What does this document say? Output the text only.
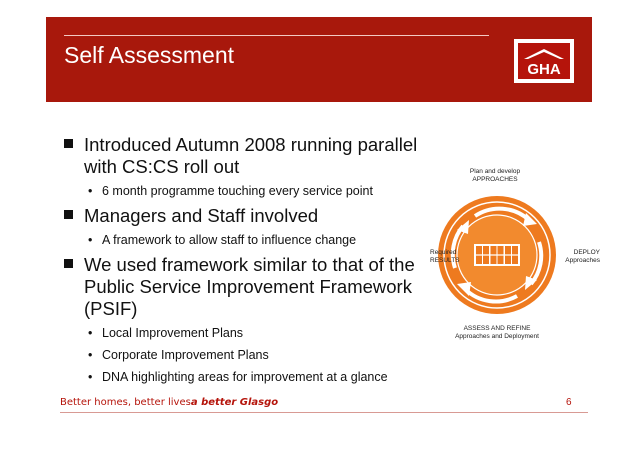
Self Assessment
GHA
Introduced Autumn 2008 running parallel with CS:CS roll out
• 6 month programme touching every service point
Managers and Staff involved
• A framework to allow staff to influence change
We used framework similar to that of the Public Service Improvement Framework (PSIF)
• Local Improvement Plans
• Corporate Improvement Plans
• DNA highlighting areas for improvement at a glance
Plan and develop
APPROACHES
Required
RESULTS
DEPLOY
Approaches
ASSESS AND REFINE
Approaches and Deployment
Better homes, better livesa better Glasgo	6
